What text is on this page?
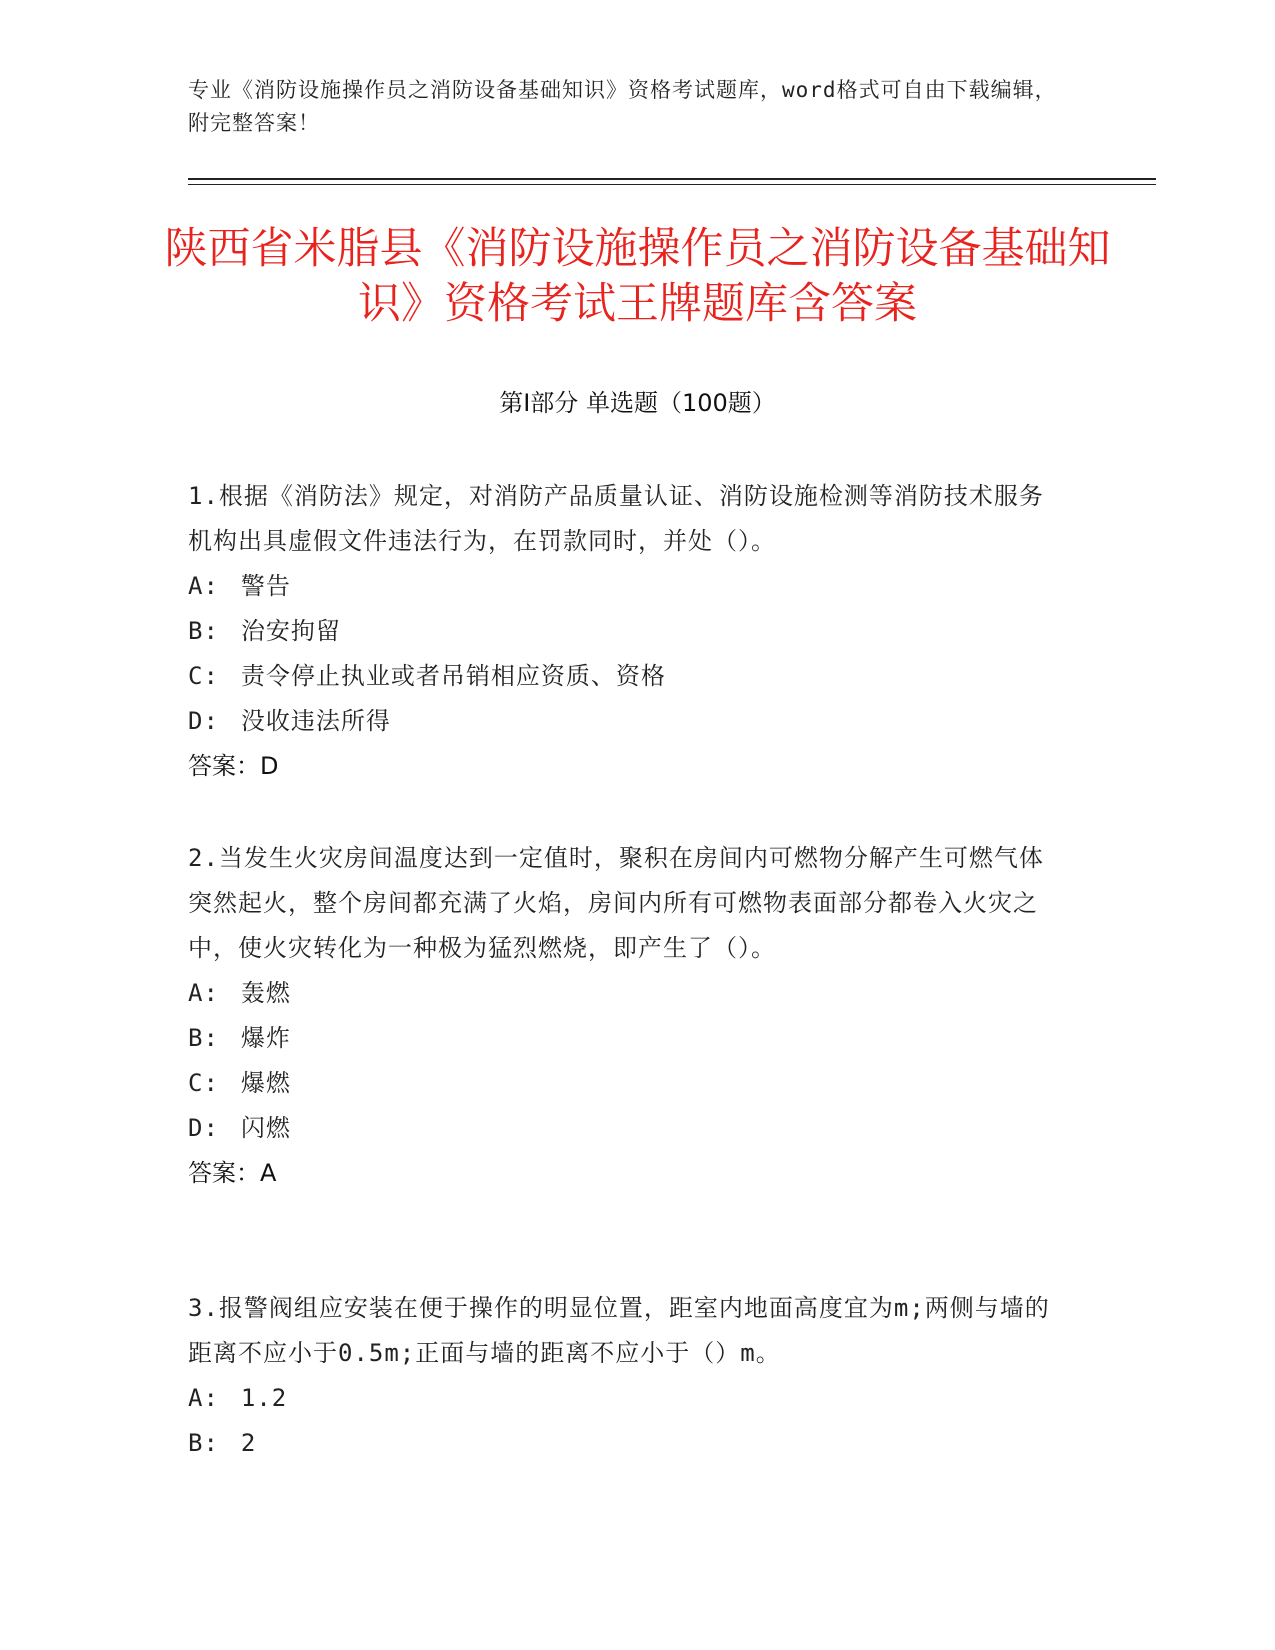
专业《消防设施操作员之消防设备基础知识》资格考试题库，word格式可自由下载编辑，附完整答案！
陕西省米脂县《消防设施操作员之消防设备基础知识》资格考试王牌题库含答案
第Ⅰ部分 单选题（100题）
1.根据《消防法》规定，对消防产品质量认证、消防设施检测等消防技术服务机构出具虚假文件违法行为，在罚款同时，并处（）。
A: 警告
B: 治安拘留
C: 责令停止执业或者吊销相应资质、资格
D: 没收违法所得
答案：D
2.当发生火灾房间温度达到一定值时，聚积在房间内可燃物分解产生可燃气体突然起火，整个房间都充满了火焰，房间内所有可燃物表面部分都卷入火灾之中，使火灾转化为一种极为猛烈燃烧，即产生了（）。
A: 轰燃
B: 爆炸
C: 爆燃
D: 闪燃
答案：A
3.报警阀组应安装在便于操作的明显位置，距室内地面高度宜为m;两侧与墙的距离不应小于0.5m;正面与墙的距离不应小于（）m。
A: 1.2
B: 2
